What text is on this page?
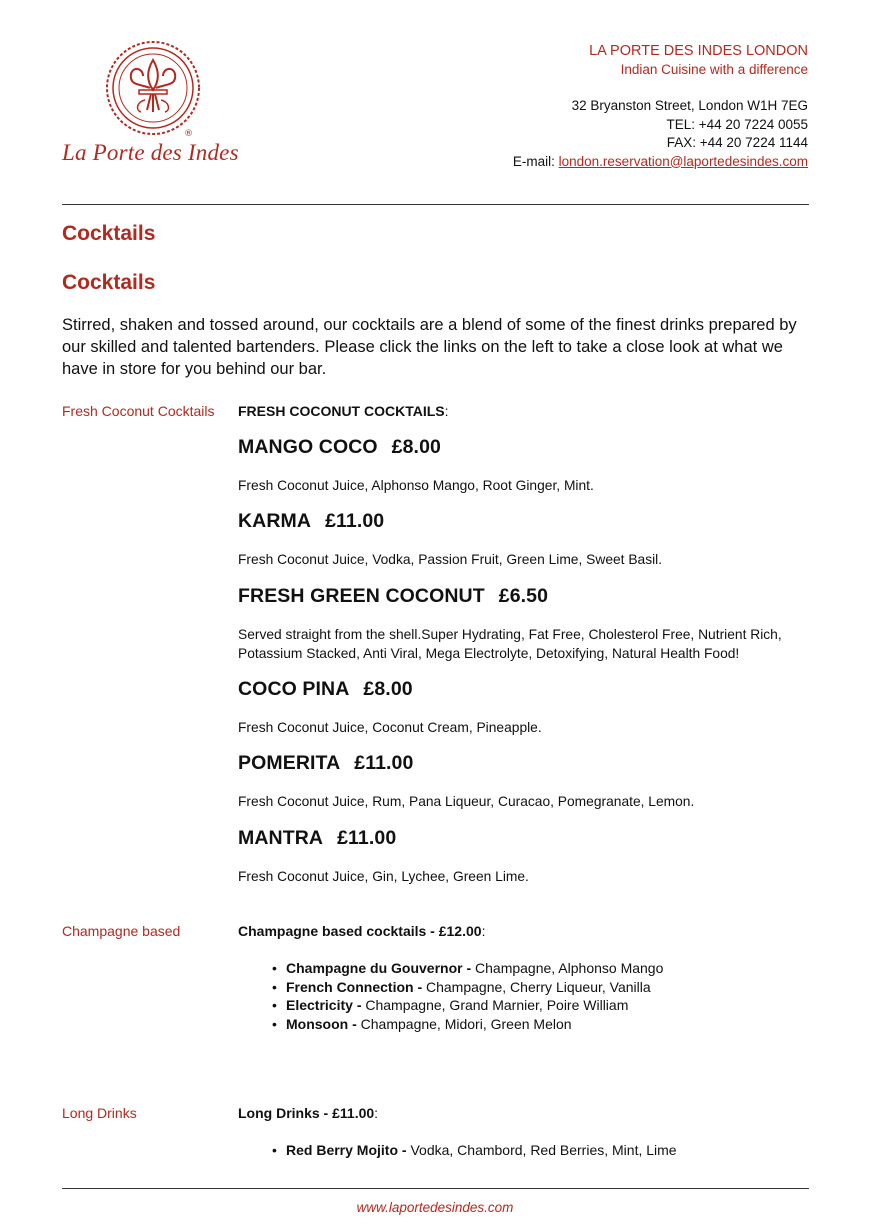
®
La Porte des Indes
LA PORTE DES INDES LONDON
Indian Cuisine with a difference
32 Bryanston Street, London W1H 7EG
TEL: +44 20 7224 0055
FAX: +44 20 7224 1144
E-mail: london.reservation@laportedesindes.com
Cocktails
Cocktails
Stirred, shaken and tossed around, our cocktails are a blend of some of the finest drinks prepared by our skilled and talented bartenders. Please click the links on the left to take a close look at what we have in store for you behind our bar.
Fresh Coconut Cocktails FRESH COCONUT COCKTAILS:
MANGO COCO £8.00
Fresh Coconut Juice, Alphonso Mango, Root Ginger, Mint.
KARMA £11.00
Fresh Coconut Juice, Vodka, Passion Fruit, Green Lime, Sweet Basil.
FRESH GREEN COCONUT £6.50
Served straight from the shell.Super Hydrating, Fat Free, Cholesterol Free, Nutrient Rich, Potassium Stacked, Anti Viral, Mega Electrolyte, Detoxifying, Natural Health Food!
COCO PINA £8.00
Fresh Coconut Juice, Coconut Cream, Pineapple.
POMERITA £11.00
Fresh Coconut Juice, Rum, Pana Liqueur, Curacao, Pomegranate, Lemon.
MANTRA £11.00
Fresh Coconut Juice, Gin, Lychee, Green Lime.
Champagne based	Champagne based cocktails - £12.00:
• Champagne du Gouvernor - Champagne, Alphonso Mango
• French Connection - Champagne, Cherry Liqueur, Vanilla
• Electricity - Champagne, Grand Marnier, Poire William
• Monsoon - Champagne, Midori, Green Melon
Long Drinks	Long Drinks - £11.00:
• Red Berry Mojito - Vodka, Chambord, Red Berries, Mint, Lime
www.laportedesindes.com
